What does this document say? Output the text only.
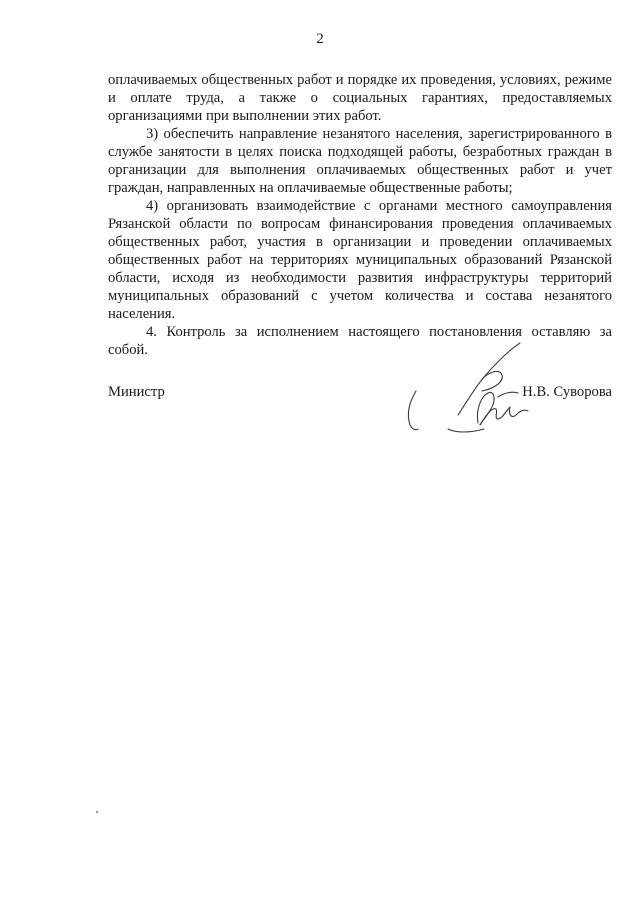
2

оплачиваемых общественных работ и порядке их проведения, условиях, режиме и оплате труда, а также о социальных гарантиях, предоставляемых организациями при выполнении этих работ.

3) обеспечить направление незанятого населения, зарегистрированного в службе занятости в целях поиска подходящей работы, безработных граждан в организации для выполнения оплачиваемых общественных работ и учет граждан, направленных на оплачиваемые общественные работы;

4) организовать взаимодействие с органами местного самоуправления Рязанской области по вопросам финансирования проведения оплачиваемых общественных работ, участия в организации и проведении оплачиваемых общественных работ на территориях муниципальных образований Рязанской области, исходя из необходимости развития инфраструктуры территорий муниципальных образований с учетом количества и состава незанятого населения.

4. Контроль за исполнением настоящего постановления оставляю за собой.

Министр	Н.В. Суворова
